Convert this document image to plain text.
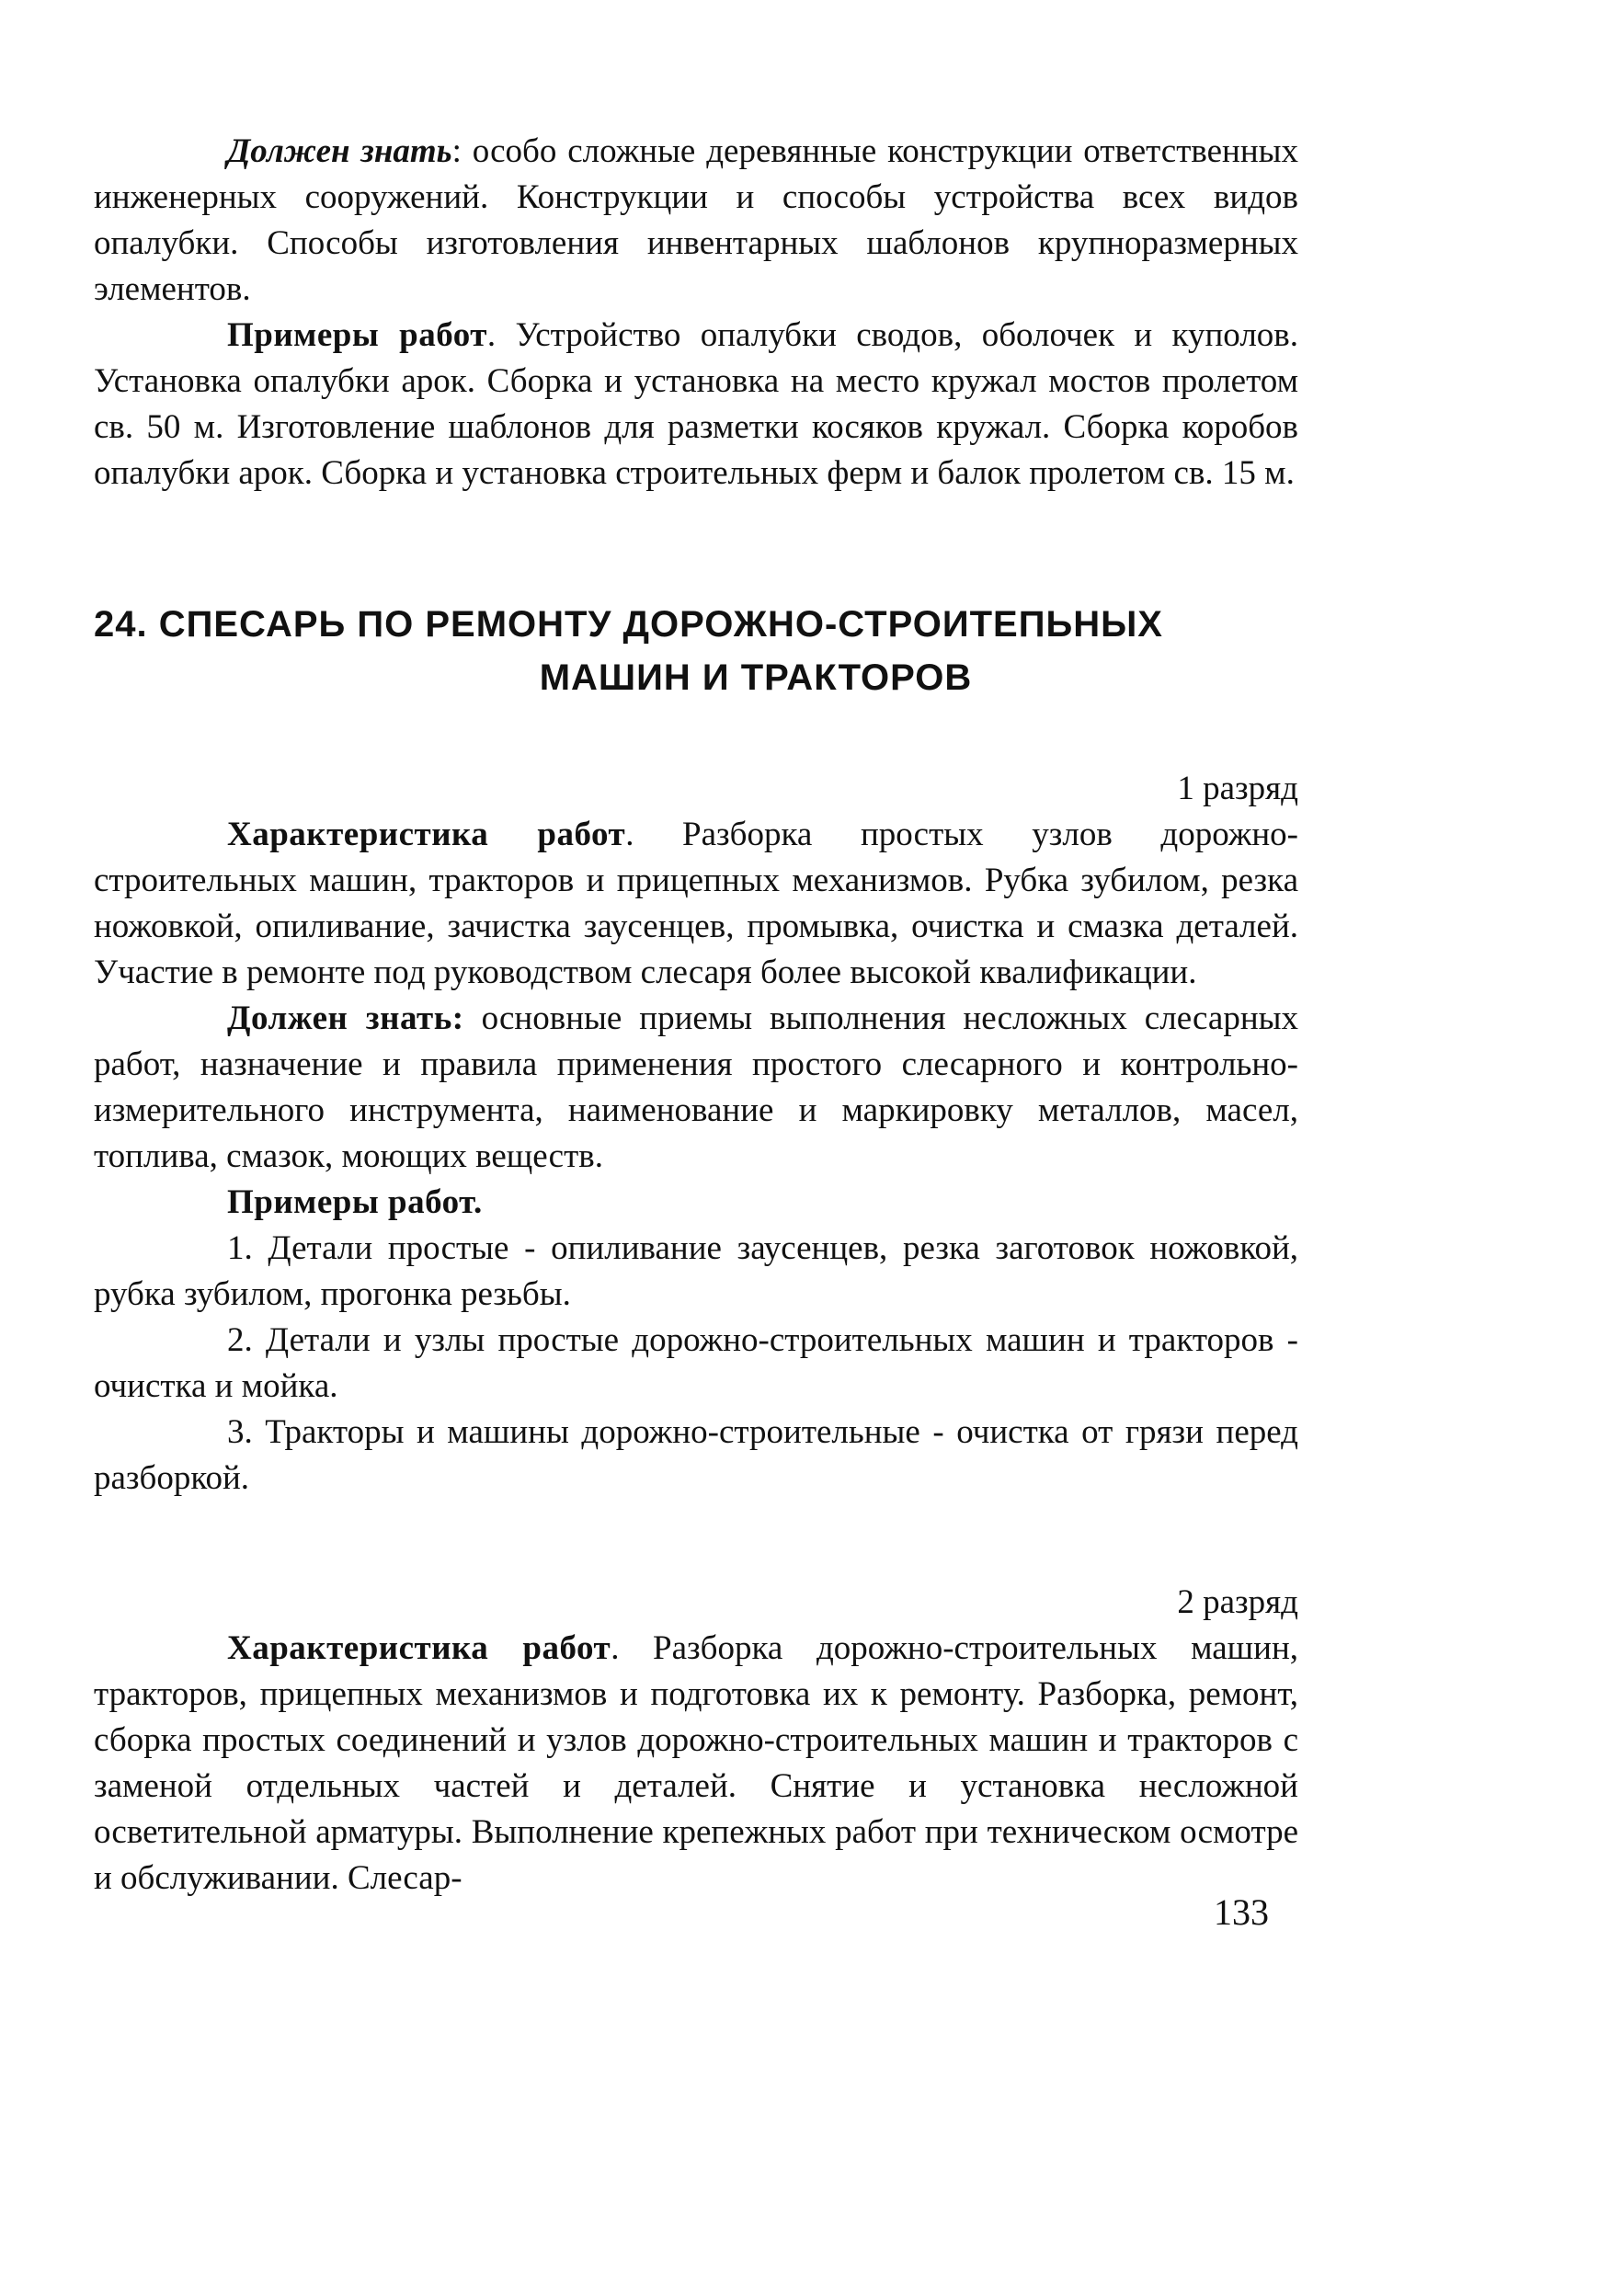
Должен знать: особо сложные деревянные конструкции ответственных инженерных сооружений. Конструкции и способы устройства всех видов опалубки. Способы изготовления инвентарных шаблонов крупноразмерных элементов.

Примеры работ. Устройство опалубки сводов, оболочек и куполов. Установка опалубки арок. Сборка и установка на место кружал мостов пролетом св. 50 м. Изготовление шаблонов для разметки косяков кружал. Сборка коробов опалубки арок. Сборка и установка строительных ферм и балок пролетом св. 15 м.

24. СПЕСАРЬ ПО РЕМОНТУ ДОРОЖНО-СТРОИТЕПЬНЫХ
МАШИН И ТРАКТОРОВ

1 разряд

Характеристика работ. Разборка простых узлов дорожно-строительных машин, тракторов и прицепных механизмов. Рубка зубилом, резка ножовкой, опиливание, зачистка заусенцев, промывка, очистка и смазка деталей. Участие в ремонте под руководством слесаря более высокой квалификации.

Должен знать: основные приемы выполнения несложных слесарных работ, назначение и правила применения простого слесарного и контрольно-измерительного инструмента, наименование и маркировку металлов, масел, топлива, смазок, моющих веществ.

Примеры работ.

1. Детали простые - опиливание заусенцев, резка заготовок ножовкой, рубка зубилом, прогонка резьбы.

2. Детали и узлы простые дорожно-строительных машин и тракторов - очистка и мойка.

3. Тракторы и машины дорожно-строительные - очистка от грязи перед разборкой.

2 разряд

Характеристика работ. Разборка дорожно-строительных машин, тракторов, прицепных механизмов и подготовка их к ремонту. Разборка, ремонт, сборка простых соединений и узлов дорожно-строительных машин и тракторов с заменой отдельных частей и деталей. Снятие и установка несложной осветительной арматуры. Выполнение крепежных работ при техническом осмотре и обслуживании. Слесар-

133
